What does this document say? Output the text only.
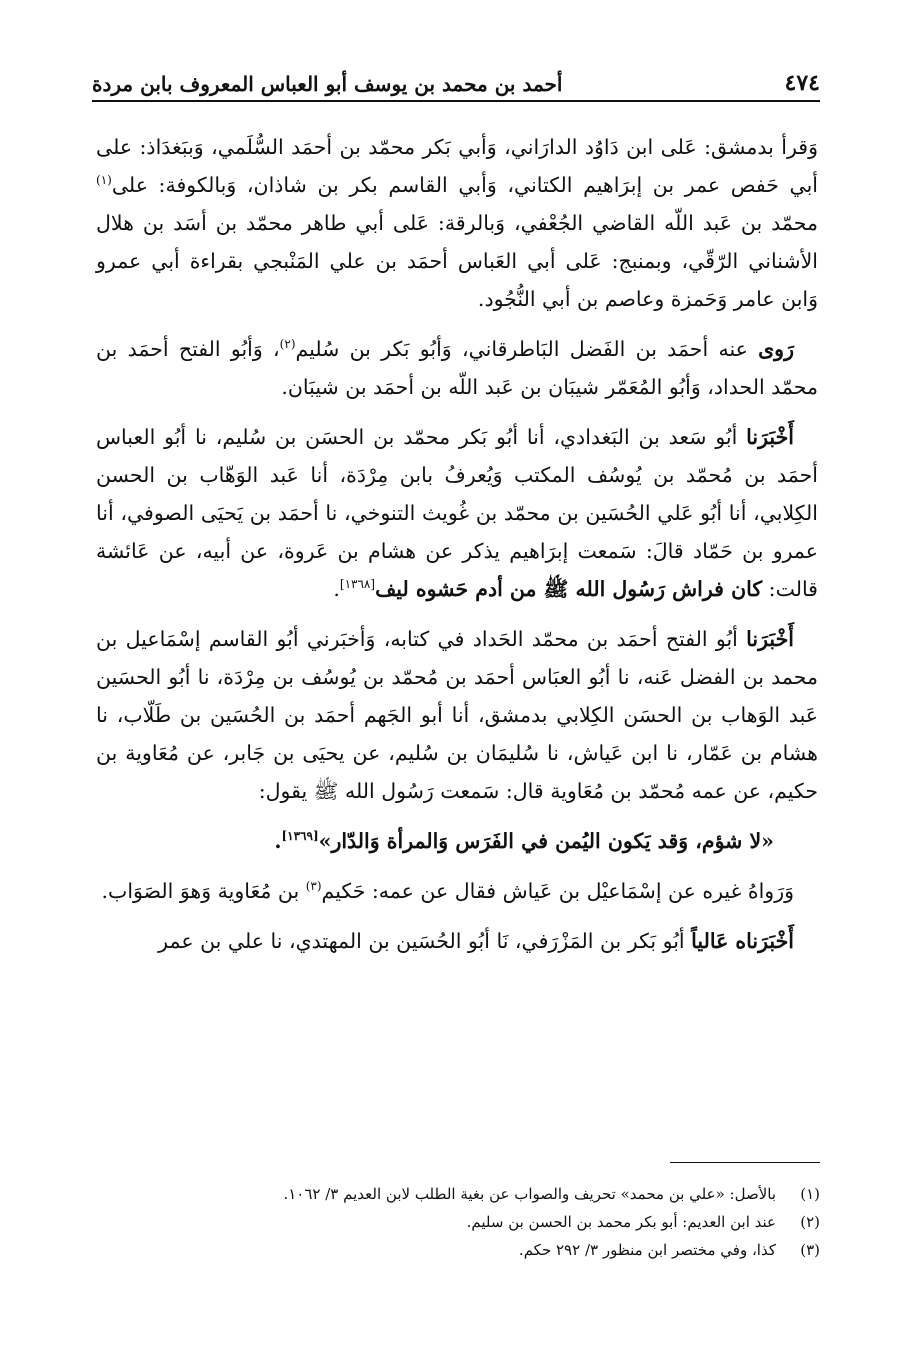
٤٧٤
أحمد بن محمد بن يوسف أبو العباس المعروف بابن مردة

وَقرأ بدمشق: عَلى ابن دَاوُد الدارَاني، وَأبي بَكر محمّد بن أحمَد السُّلَمي، وَببَغدَاذ: على أبي حَفص عمر بن إبرَاهيم الكتاني، وَأبي القاسم بكر بن شاذان، وَبالكوفة: على$^{(١)}$ محمّد بن عَبد اللّه القاضي الجُعْفي، وَبالرقة: عَلى أبي طاهر محمّد بن أسَد بن هلال الأشناني الرّقّي، وبمنبج: عَلى أبي العَباس أحمَد بن علي المَنْبجي بقراءة أبي عمرو وَابن عامر وَحَمزة وعاصم بن أبي النُّجُود.

رَوى عنه أحمَد بن الفَضل البَاطرقاني، وَأبُو بَكر بن سُليم$^{(٢)}$، وَأبُو الفتح أحمَد بن محمّد الحداد، وَأبُو المُعَمّر شيبَان بن عَبد اللّه بن أحمَد بن شيبَان.

أَخْبَرَنا أبُو سَعد بن البَغدادي، أنا أبُو بَكر محمّد بن الحسَن بن سُليم، نا أبُو العباس أحمَد بن مُحمّد بن يُوسُف المكتب وَيُعرفُ بابن مِرْدَة، أنا عَبد الوَهّاب بن الحسن الكِلابي، أنا أبُو عَلي الحُسَين بن محمّد بن غُويث التنوخي، نا أحمَد بن يَحيَى الصوفي، أنا عمرو بن حَمّاد قالَ: سَمعت إبرَاهيم يذكر عن هشام بن عَروة، عن أبيه، عن عَائشة قالت: كان فراش رَسُول الله ﷺ من أدم حَشوه ليف[١٣٦٨].

أَخْبَرَنا أبُو الفتح أحمَد بن محمّد الحَداد في كتابه، وَأخبَرني أبُو القاسم إسْمَاعيل بن محمد بن الفضل عَنه، نا أبُو العبَاس أحمَد بن مُحمّد بن يُوسُف بن مِرْدَة، نا أبُو الحسَين عَبد الوَهاب بن الحسَن الكِلابي بدمشق، أنا أبو الجَهم أحمَد بن الحُسَين بن طَلّاب، نا هشام بن عَمّار، نا ابن عَياش، نا سُليمَان بن سُليم، عن يحيَى بن جَابر، عن مُعَاوية بن حكيم، عن عمه مُحمّد بن مُعَاوية قال: سَمعت رَسُول الله ﷺ يقول:

«لا شؤم، وَقد يَكون اليُمن في الفَرَس وَالمرأة وَالدّار»[١٣٦٩].

وَرَواهُ غيره عن إسْمَاعيْل بن عَياش فقال عن عمه: حَكيم$^{(٣)}$ بن مُعَاوية وَهوَ الصَوَاب.

أَخْبَرَناه عَالياً أبُو بَكر بن المَزْرَفي، نَا أبُو الحُسَين بن المهتدي، نا علي بن عمر

(١)
بالأصل: «علي بن محمد» تحريف والصواب عن بغية الطلب لابن العديم ٣/ ١٠٦٢.
(٢)
عند ابن العديم: أبو بكر محمد بن الحسن بن سليم.
(٣)
كذا، وفي مختصر ابن منظور ٣/ ٢٩٢ حكم.
